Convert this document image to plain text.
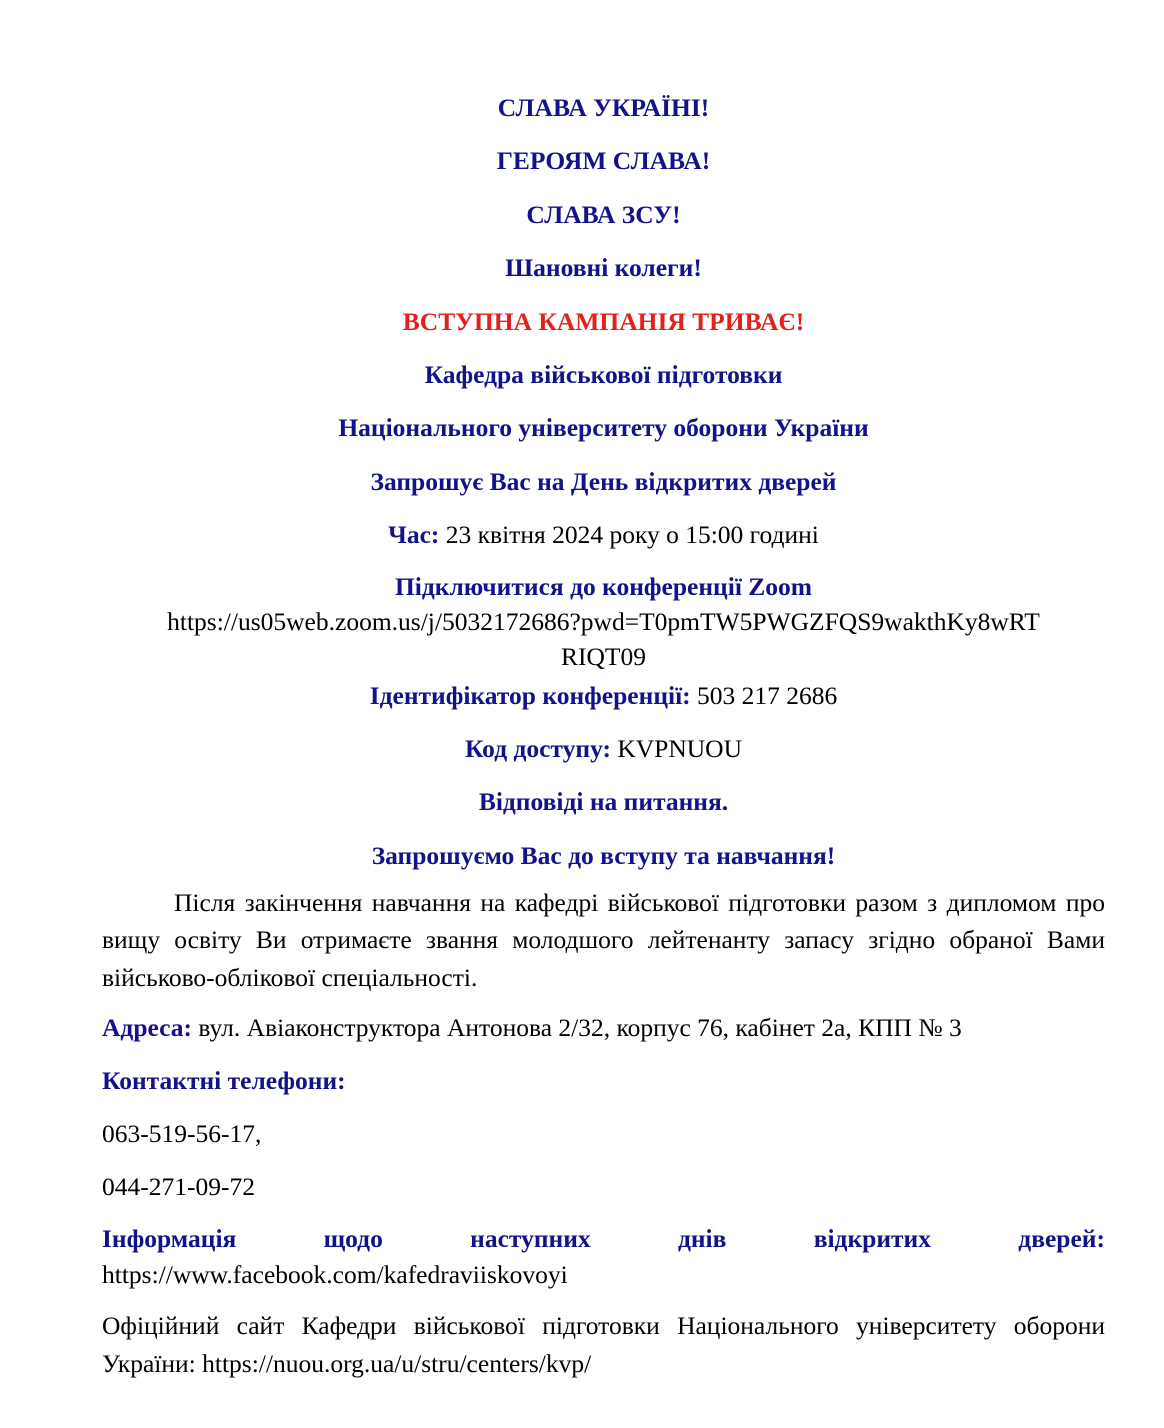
СЛАВА УКРАЇНІ!
ГЕРОЯМ СЛАВА!
СЛАВА ЗСУ!
Шановні колеги!
ВСТУПНА КАМПАНІЯ ТРИВАЄ!
Кафедра військової підготовки
Національного університету оборони України
Запрошує Вас на День відкритих дверей
Час: 23 квітня 2024 року о 15:00 годині
Підключитися до конференції Zoom
https://us05web.zoom.us/j/5032172686?pwd=T0pmTW5PWGZFQS9wakthKy8wRT
RIQT09
Ідентифікатор конференції: 503 217 2686
Код доступу: KVPNUOU
Відповіді на питання.
Запрошуємо Вас до вступу та навчання!

Після закінчення навчання на кафедрі військової підготовки разом з дипломом про вищу освіту Ви отримаєте звання молодшого лейтенанту запасу згідно обраної Вами військово-облікової спеціальності.

Адреса: вул. Авіаконструктора Антонова 2/32, корпус 76, кабінет 2а, КПП № 3
Контактні телефони:
063-519-56-17,
044-271-09-72
Інформація	щодо	наступних	днів	відкритих	дверей:
https://www.facebook.com/kafedraviiskovoyi

Офіційний сайт Кафедри військової підготовки Національного університету оборони України: https://nuou.org.ua/u/stru/centers/kvp/
